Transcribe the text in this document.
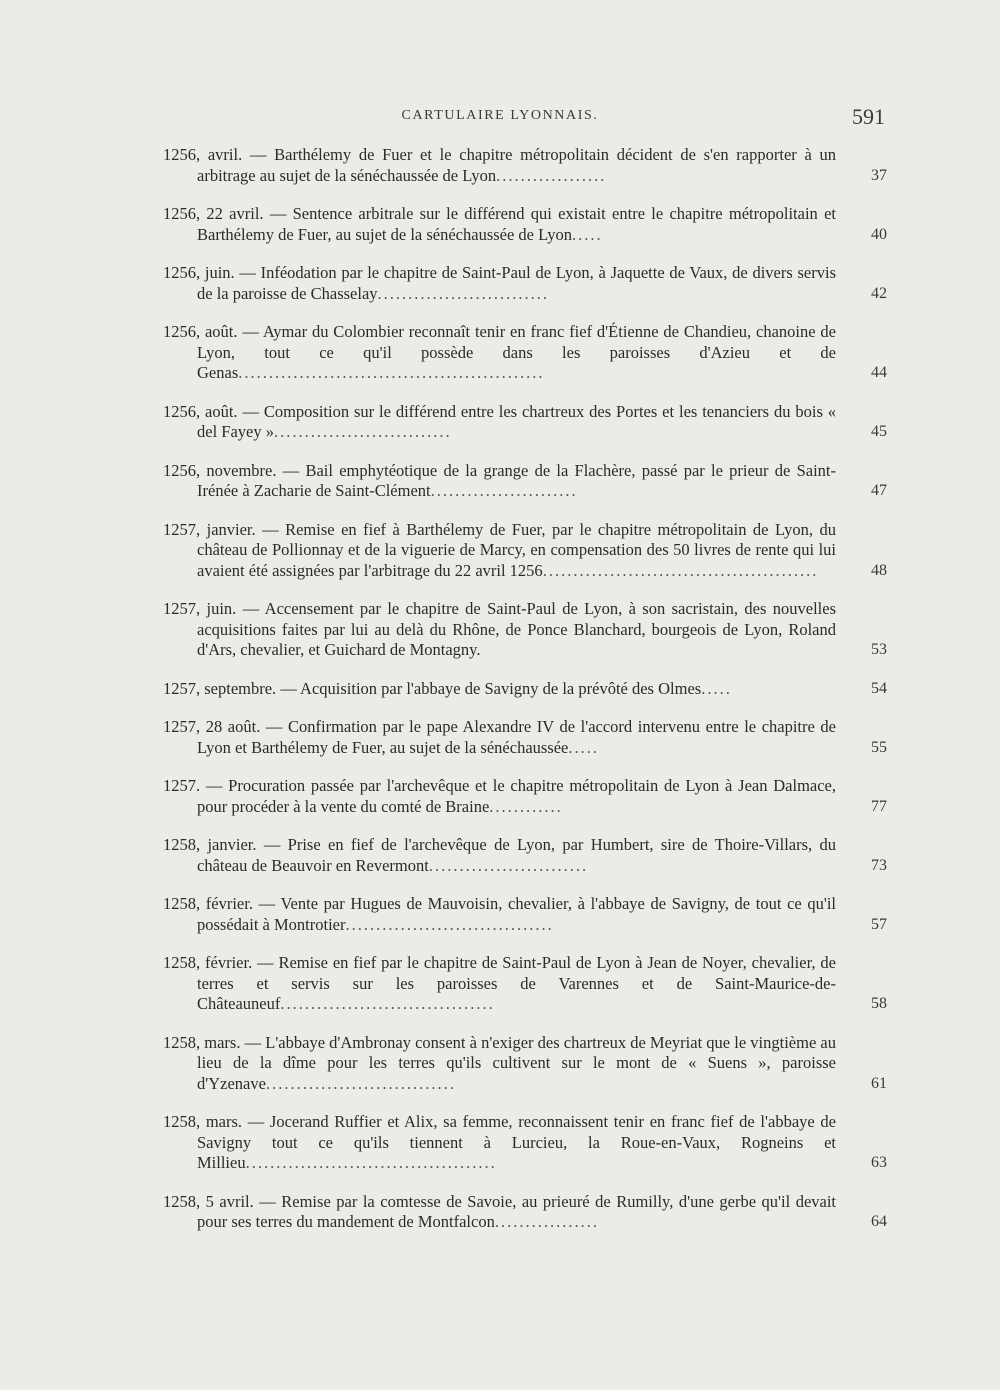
CARTULAIRE LYONNAIS.	591
1256, avril. — Barthélemy de Fuer et le chapitre métropolitain décident de s'en rapporter à un arbitrage au sujet de la sénéchaussée de Lyon..................	37
1256, 22 avril. — Sentence arbitrale sur le différend qui existait entre le chapitre métropolitain et Barthélemy de Fuer, au sujet de la sénéchaussée de Lyon.....	40
1256, juin. — Inféodation par le chapitre de Saint-Paul de Lyon, à Jaquette de Vaux, de divers servis de la paroisse de Chasselay............................	42
1256, août. — Aymar du Colombier reconnaît tenir en franc fief d'Étienne de Chandieu, chanoine de Lyon, tout ce qu'il possède dans les paroisses d'Azieu et de Genas..................................................	44
1256, août. — Composition sur le différend entre les chartreux des Portes et les tenanciers du bois « del Fayey ».............................	45
1256, novembre. — Bail emphytéotique de la grange de la Flachère, passé par le prieur de Saint-Irénée à Zacharie de Saint-Clément........................	47
1257, janvier. — Remise en fief à Barthélemy de Fuer, par le chapitre métropolitain de Lyon, du château de Pollionnay et de la viguerie de Marcy, en compensation des 50 livres de rente qui lui avaient été assignées par l'arbitrage du 22 avril 1256.............................................	48
1257, juin. — Accensement par le chapitre de Saint-Paul de Lyon, à son sacristain, des nouvelles acquisitions faites par lui au delà du Rhône, de Ponce Blanchard, bourgeois de Lyon, Roland d'Ars, chevalier, et Guichard de Montagny.	53
1257, septembre. — Acquisition par l'abbaye de Savigny de la prévôté des Olmes.....	54
1257, 28 août. — Confirmation par le pape Alexandre IV de l'accord intervenu entre le chapitre de Lyon et Barthélemy de Fuer, au sujet de la sénéchaussée.....	55
1257. — Procuration passée par l'archevêque et le chapitre métropolitain de Lyon à Jean Dalmace, pour procéder à la vente du comté de Braine............	77
1258, janvier. — Prise en fief de l'archevêque de Lyon, par Humbert, sire de Thoire-Villars, du château de Beauvoir en Revermont..........................	73
1258, février. — Vente par Hugues de Mauvoisin, chevalier, à l'abbaye de Savigny, de tout ce qu'il possédait à Montrotier..................................	57
1258, février. — Remise en fief par le chapitre de Saint-Paul de Lyon à Jean de Noyer, chevalier, de terres et servis sur les paroisses de Varennes et de Saint-Maurice-de-Châteauneuf...................................	58
1258, mars. — L'abbaye d'Ambronay consent à n'exiger des chartreux de Meyriat que le vingtième au lieu de la dîme pour les terres qu'ils cultivent sur le mont de « Suens », paroisse d'Yzenave...............................	61
1258, mars. — Jocerand Ruffier et Alix, sa femme, reconnaissent tenir en franc fief de l'abbaye de Savigny tout ce qu'ils tiennent à Lurcieu, la Roue-en-Vaux, Rogneins et Millieu.........................................	63
1258, 5 avril. — Remise par la comtesse de Savoie, au prieuré de Rumilly, d'une gerbe qu'il devait pour ses terres du mandement de Montfalcon.................	64
